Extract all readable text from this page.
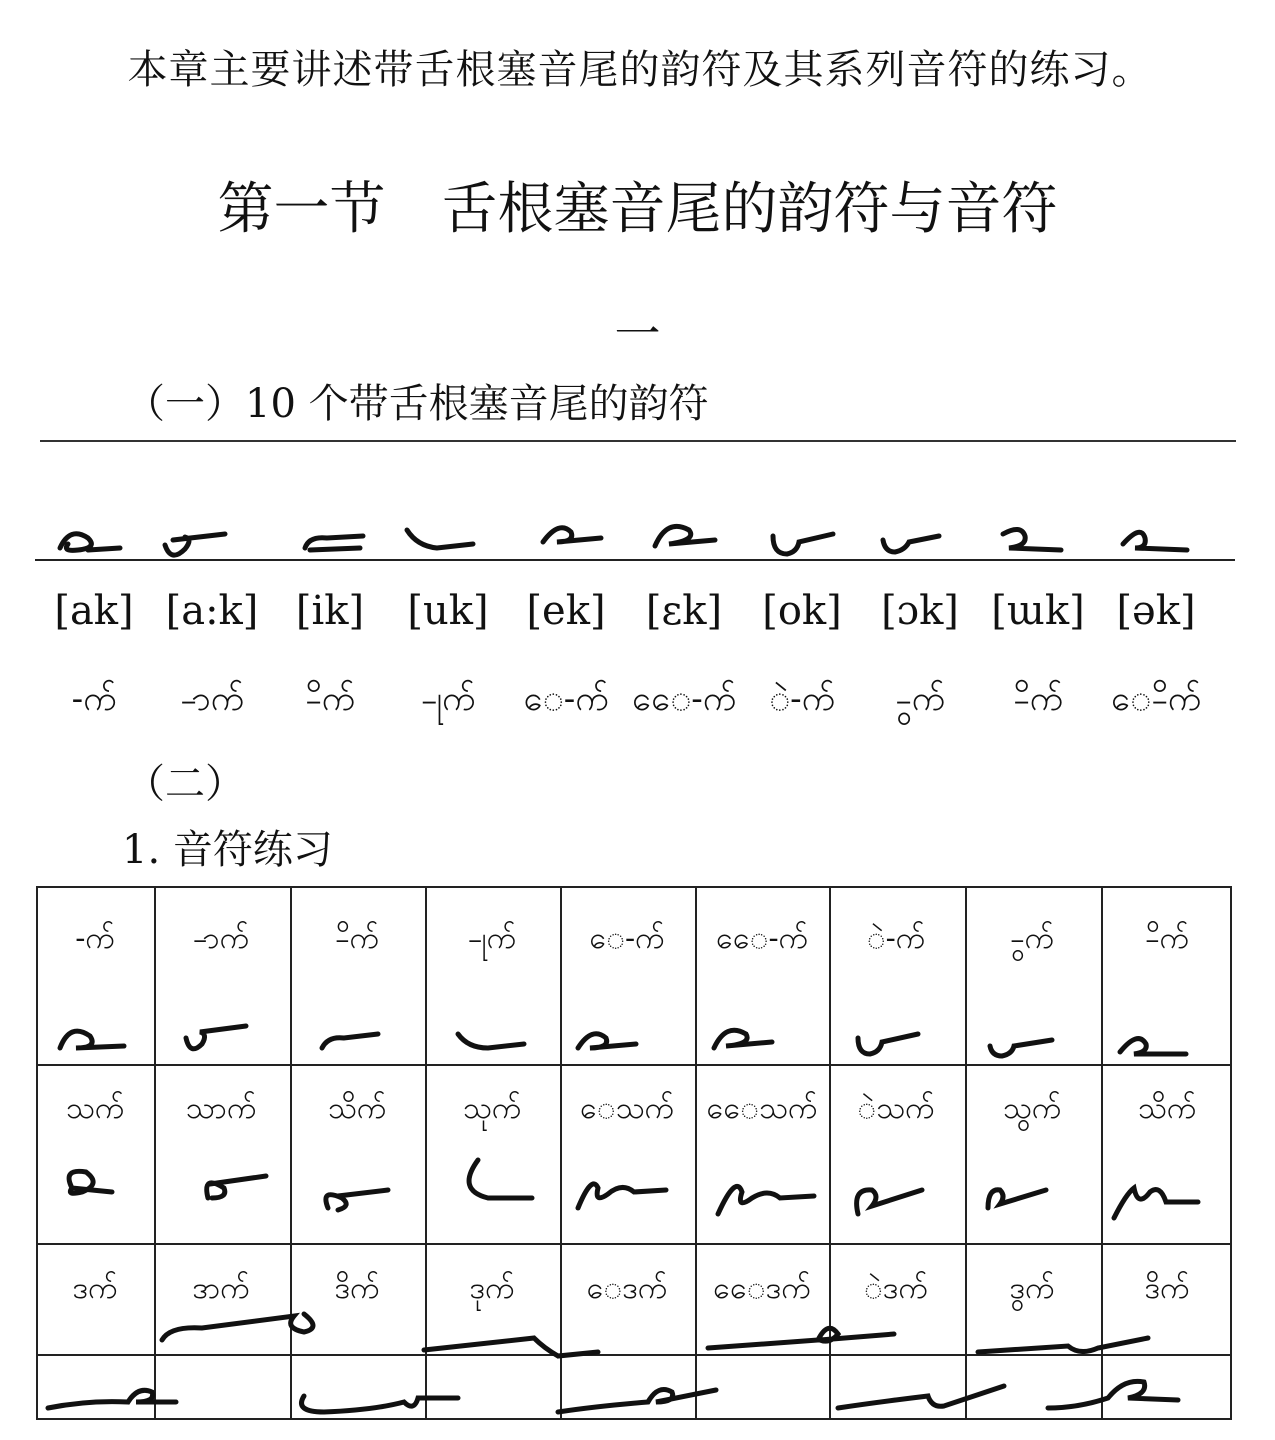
本章主要讲述带舌根塞音尾的韵符及其系列音符的练习。
第一节 舌根塞音尾的韵符与音符
一
（一）10 个带舌根塞音尾的韵符
[ak] [a:k] [ik]	[uk] [ek]	[ɛk]	[ok] [ɔk] [ɯk] [ək]
-က်	-ာက်	-ိက်	-ုက်	ေ-က် ေေ-က် ဲ-က်	-ွက်	-ိက်	ေ-ိက်
（二）
1. 音符练习
-က်	-ာက်	-ိက်	-ုက်	ေ-က်	ေေ-က်	ဲ-က်	-ွက်	-ိက်
သက်	သာက်	သိက်	သုက်	ေသက်	ေေသက်	ဲသက်	သွက်	သိက်
ဒက်	ဒာက်	ဒိက်	ဒုက်	ေဒက်	ေေဒက်	ဲဒက်	ဒွက်	ဒိက်
